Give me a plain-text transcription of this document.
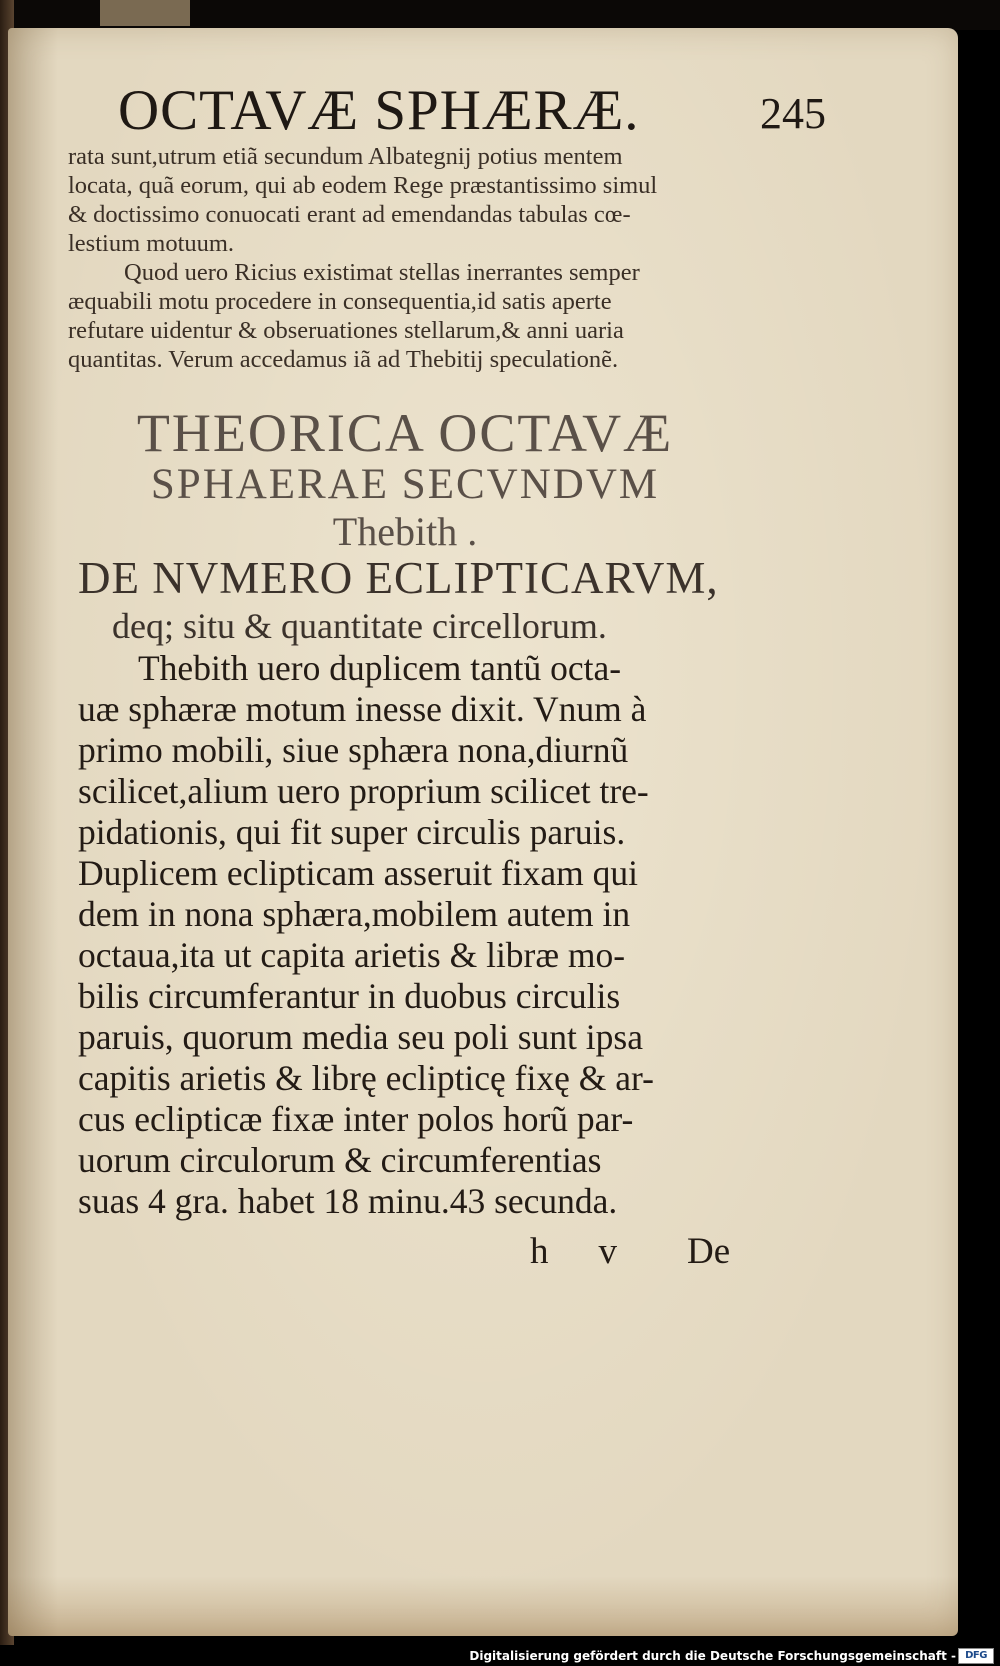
OCTAVÆ SPHÆRÆ.	245

rata sunt,utrum etiã secundum Albategnij potius mentem

locata, quã eorum, qui ab eodem Rege præstantissimo simul

& doctissimo conuocati erant ad emendandas tabulas cœ-

lestium motuum.

Quod uero Ricius existimat stellas inerrantes semper

æquabili motu procedere in consequentia,id satis aperte

refutare uidentur & obseruationes stellarum,& anni uaria

quantitas. Verum accedamus iã ad Thebitij speculationẽ.

THEORICA OCTAVÆ

SPHAERAE SECVNDVM

Thebith .

DE NVMERO ECLIPTICARVM,

deq; situ & quantitate circellorum.

Thebith uero duplicem tantũ octa-

uæ sphæræ motum inesse dixit. Vnum à

primo mobili, siue sphæra nona,diurnũ

scilicet,alium uero proprium scilicet tre-

pidationis, qui fit super circulis paruis.

Duplicem eclipticam asseruit fixam qui

dem in nona sphæra,mobilem autem in

octaua,ita ut capita arietis & libræ mo-

bilis circumferantur in duobus circulis

paruis, quorum media seu poli sunt ipsa

capitis arietis & librę eclipticę fixę & ar-

cus eclipticæ fixæ inter polos horũ par-

uorum circulorum & circumferentias

suas 4 gra. habet 18 minu.43 secunda.

h v De

Digitalisierung gefördert durch die Deutsche Forschungsgemeinschaft - DFG
